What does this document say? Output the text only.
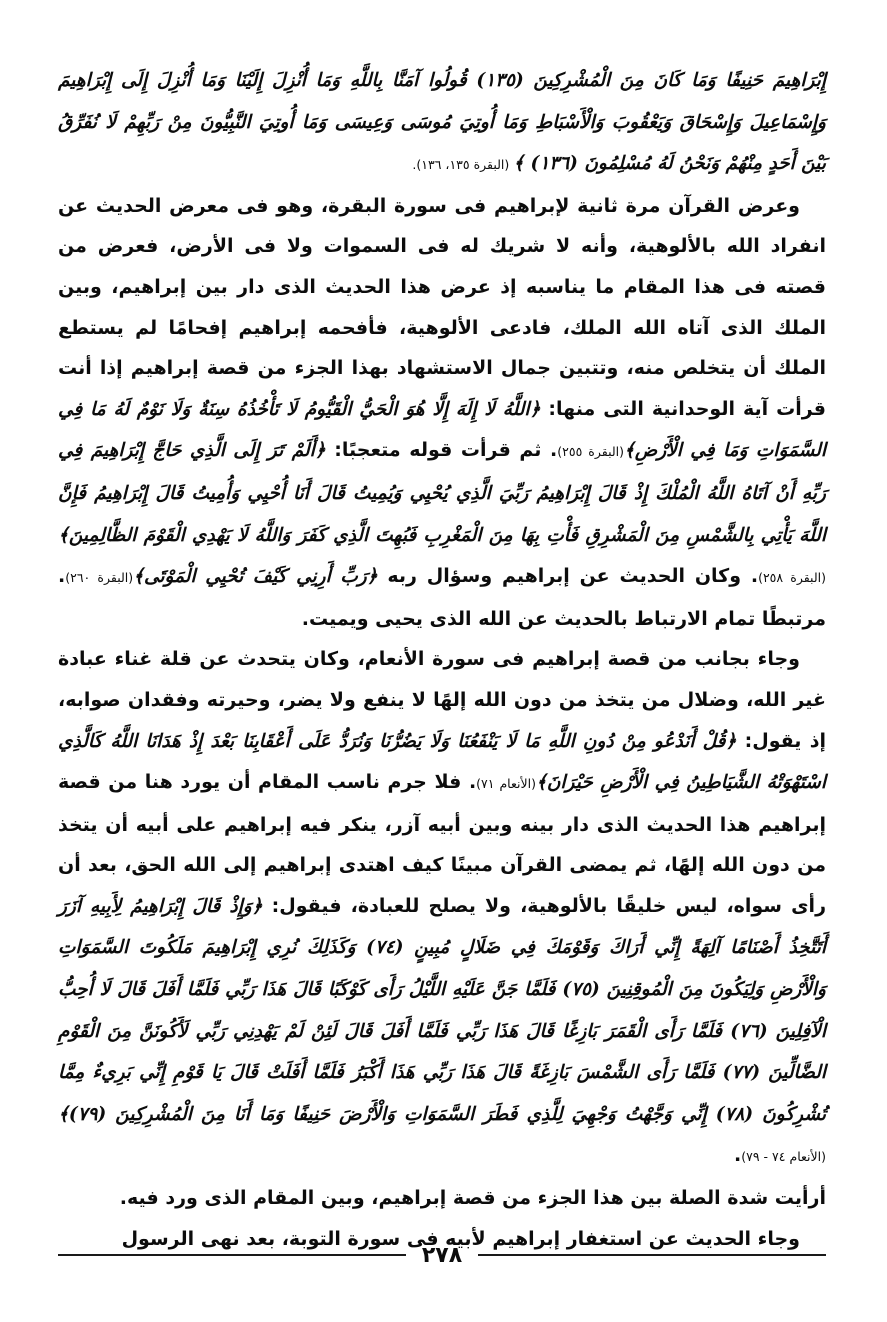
إِبْرَاهِيمَ حَنِيفًا وَمَا كَانَ مِنَ الْمُشْرِكِينَ (١٣٥) قُولُوا آمَنَّا بِاللَّهِ وَمَا أُنْزِلَ إِلَيْنَا وَمَا أُنْزِلَ إِلَى إِبْرَاهِيمَ وَإِسْمَاعِيلَ وَإِسْحَاقَ وَيَعْقُوبَ وَالْأَسْبَاطِ وَمَا أُوتِيَ مُوسَى وَعِيسَى وَمَا أُوتِيَ النَّبِيُّونَ مِنْ رَبِّهِمْ لَا نُفَرِّقُ بَيْنَ أَحَدٍ مِنْهُمْ وَنَحْنُ لَهُ مُسْلِمُونَ (١٣٦) ﴾ (البقرة ١٣٥، ١٣٦).

وعرض القرآن مرة ثانية لإبراهيم فى سورة البقرة، وهو فى معرض الحديث عن انفراد الله بالألوهية، وأنه لا شريك له فى السموات ولا فى الأرض، فعرض من قصته فى هذا المقام ما يناسبه إذ عرض هذا الحديث الذى دار بين إبراهيم، وبين الملك الذى آتاه الله الملك، فادعى الألوهية، فأفحمه إبراهيم إفحامًا لم يستطع الملك أن يتخلص منه، وتتبين جمال الاستشهاد بهذا الجزء من قصة إبراهيم إذا أنت قرأت آية الوحدانية التى منها: ﴿اللَّهُ لَا إِلَهَ إِلَّا هُوَ الْحَيُّ الْقَيُّومُ لَا تَأْخُذُهُ سِنَةٌ وَلَا نَوْمٌ لَهُ مَا فِي السَّمَوَاتِ وَمَا فِي الْأَرْضِ﴾(البقرة ٢٥٥). ثم قرأت قوله متعجبًا: ﴿أَلَمْ تَرَ إِلَى الَّذِي حَاجَّ إِبْرَاهِيمَ فِي رَبِّهِ أَنْ آتَاهُ اللَّهُ الْمُلْكَ إِذْ قَالَ إِبْرَاهِيمُ رَبِّيَ الَّذِي يُحْيِي وَيُمِيتُ قَالَ أَنَا أُحْيِي وَأُمِيتُ قَالَ إِبْرَاهِيمُ فَإِنَّ اللَّهَ يَأْتِي بِالشَّمْسِ مِنَ الْمَشْرِقِ فَأْتِ بِهَا مِنَ الْمَغْرِبِ فَبُهِتَ الَّذِي كَفَرَ وَاللَّهُ لَا يَهْدِي الْقَوْمَ الظَّالِمِينَ﴾(البقرة ٢٥٨). وكان الحديث عن إبراهيم وسؤال ربه ﴿رَبِّ أَرِنِي كَيْفَ تُحْيِي الْمَوْتَى﴾(البقرة ٢٦٠). مرتبطًا تمام الارتباط بالحديث عن الله الذى يحيى ويميت.

وجاء بجانب من قصة إبراهيم فى سورة الأنعام، وكان يتحدث عن قلة غناء عبادة غير الله، وضلال من يتخذ من دون الله إلهًا لا ينفع ولا يضر، وحيرته وفقدان صوابه، إذ يقول: ﴿قُلْ أَنَدْعُو مِنْ دُونِ اللَّهِ مَا لَا يَنْفَعُنَا وَلَا يَضُرُّنَا وَنُرَدُّ عَلَى أَعْقَابِنَا بَعْدَ إِذْ هَدَانَا اللَّهُ كَالَّذِي اسْتَهْوَتْهُ الشَّيَاطِينُ فِي الْأَرْضِ حَيْرَانَ﴾(الأنعام ٧١). فلا جرم ناسب المقام أن يورد هنا من قصة إبراهيم هذا الحديث الذى دار بينه وبين أبيه آزر، ينكر فيه إبراهيم على أبيه أن يتخذ من دون الله إلهًا، ثم يمضى القرآن مبينًا كيف اهتدى إبراهيم إلى الله الحق، بعد أن رأى سواه، ليس خليقًا بالألوهية، ولا يصلح للعبادة، فيقول: ﴿وَإِذْ قَالَ إِبْرَاهِيمُ لِأَبِيهِ آزَرَ أَتَتَّخِذُ أَصْنَامًا آلِهَةً إِنِّي أَرَاكَ وَقَوْمَكَ فِي ضَلَالٍ مُبِينٍ (٧٤) وَكَذَلِكَ نُرِي إِبْرَاهِيمَ مَلَكُوتَ السَّمَوَاتِ وَالْأَرْضِ وَلِيَكُونَ مِنَ الْمُوقِنِينَ (٧٥) فَلَمَّا جَنَّ عَلَيْهِ اللَّيْلُ رَأَى كَوْكَبًا قَالَ هَذَا رَبِّي فَلَمَّا أَفَلَ قَالَ لَا أُحِبُّ الْآفِلِينَ (٧٦) فَلَمَّا رَأَى الْقَمَرَ بَازِغًا قَالَ هَذَا رَبِّي فَلَمَّا أَفَلَ قَالَ لَئِنْ لَمْ يَهْدِنِي رَبِّي لَأَكُونَنَّ مِنَ الْقَوْمِ الضَّالِّينَ (٧٧) فَلَمَّا رَأَى الشَّمْسَ بَازِغَةً قَالَ هَذَا رَبِّي هَذَا أَكْبَرُ فَلَمَّا أَفَلَتْ قَالَ يَا قَوْمِ إِنِّي بَرِيءٌ مِمَّا تُشْرِكُونَ (٧٨) إِنِّي وَجَّهْتُ وَجْهِيَ لِلَّذِي فَطَرَ السَّمَوَاتِ وَالْأَرْضَ حَنِيفًا وَمَا أَنَا مِنَ الْمُشْرِكِينَ (٧٩)﴾(الأنعام ٧٤ - ٧٩).

أرأيت شدة الصلة بين هذا الجزء من قصة إبراهيم، وبين المقام الذى ورد فيه.

وجاء الحديث عن استغفار إبراهيم لأبيه فى سورة التوبة، بعد نهى الرسول

٢٧٨
